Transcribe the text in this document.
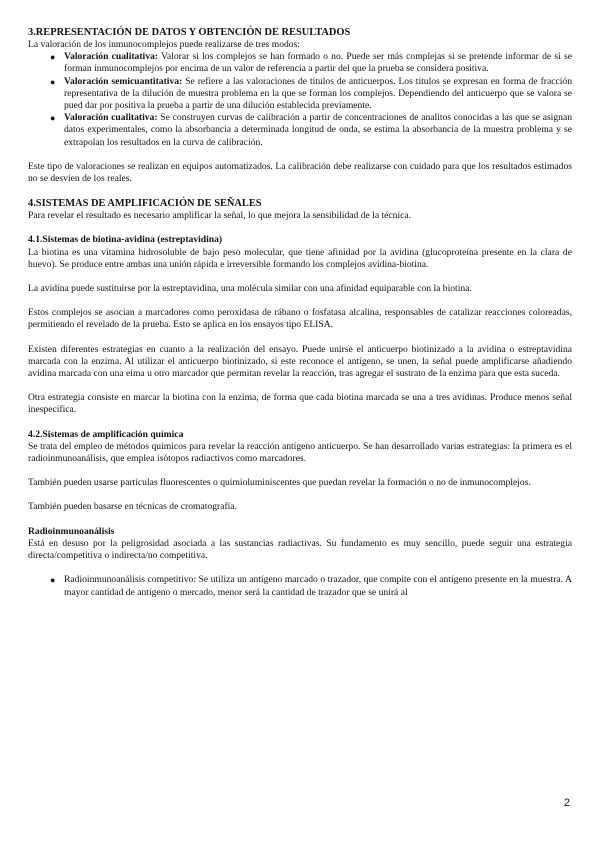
3.REPRESENTACIÓN DE DATOS Y OBTENCIÓN DE RESULTADOS

La valoración de los inmunocomplejos puede realizarse de tres modos:

● Valoración cualitativa: Valorar si los complejos se han formado o no. Puede ser más complejas si se pretende informar de si se forman inmunocomplejos por encima de un valor de referencia a partir del que la prueba se considera positiva.
● Valoración semicuantitativa: Se refiere a las valoraciones de títulos de anticuerpos. Los títulos se expresan en forma de fracción representativa de la dilución de muestra problema en la que se forman los complejos. Dependiendo del anticuerpo que se valora se pued dar por positiva la prueba a partir de una dilución establecida previamente.
● Valoración cualitativa: Se construyen curvas de calibración a partir de concentraciones de analitos conocidas a las que se asignan datos experimentales, como la absorbancia a determinada longitud de onda, se estima la absorbancia de la muestra problema y se extrapolan los resultados en la curva de calibración.

Este tipo de valoraciones se realizan en equipos automatizados. La calibración debe realizarse con cuidado para que los resultados estimados no se desvíen de los reales.

4.SISTEMAS DE AMPLIFICACIÓN DE SEÑALES

Para revelar el resultado es necesario amplificar la señal, lo que mejora la sensibilidad de la técnica.

4.1.Sistemas de biotina-avidina (estreptavidina)

La biotina es una vitamina hidrosoluble de bajo peso molecular, que tiene afinidad por la avidina (glucoproteína presente en la clara de huevo). Se produce entre ambas una unión rápida e irreversible formando los complejos avidina-biotina.

La avidina puede sustituirse por la estreptavidina, una molécula similar con una afinidad equiparable con la biotina.

Estos complejos se asocian a marcadores como peroxidasa de rábano o fosfatasa alcalina, responsables de catalizar reacciones coloreadas, permitiendo el revelado de la prueba. Esto se aplica en los ensayos tipo ELISA.

Existen diferentes estrategias en cuanto a la realización del ensayo. Puede unirse el anticuerpo biotinizado a la avidina o estreptavidina marcada con la enzima. Al utilizar el anticuerpo biotinizado, si este reconoce el antígeno, se unen, la señal puede amplificarse añadiendo avidina marcada con una eima u otro marcador que permitan revelar la reacción, tras agregar el sustrato de la enzima para que esta suceda.

Otra estrategia consiste en marcar la biotina con la enzima, de forma que cada biotina marcada se una a tres avidinas. Produce menos señal inespecífica.

4.2.Sistemas de amplificación química

Se trata del empleo de métodos químicos para revelar la reacción antígeno anticuerpo. Se han desarrollado varias estrategias: la primera es el radioinmunoanálisis, que emplea isótopos radiactivos como marcadores.

También pueden usarse partículas fluorescentes o quimioluminiscentes que puedan revelar la formación o no de inmunocomplejos.

También pueden basarse en técnicas de cromatografía.

Radioinmunoanálisis

Está en desuso por la peligrosidad asociada a las sustancias radiactivas. Su fundamento es muy sencillo, puede seguir una estrategia directa/competitiva o indirecta/no competitiva.

● Radioinmunoanálisis competitivo: Se utiliza un antígeno marcado o trazador, que compite con el antígeno presente en la muestra. A mayor cantidad de antígeno o mercado, menor será la cantidad de trazador que se unirá al
2
